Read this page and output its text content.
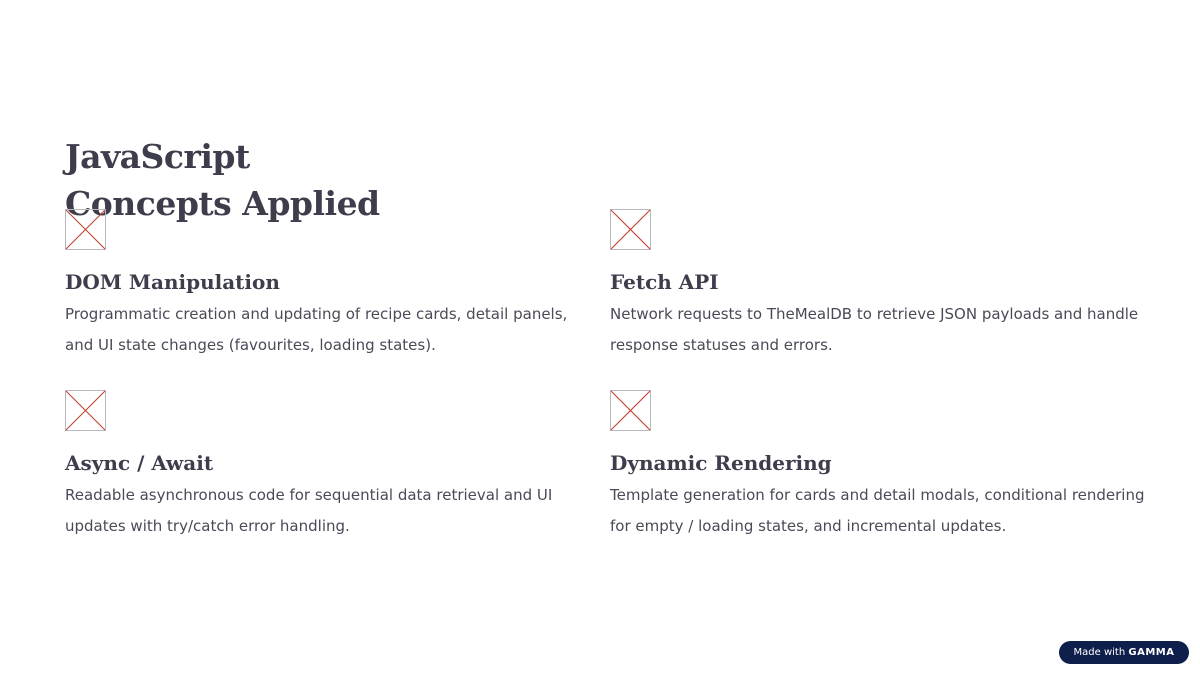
JavaScript Concepts Applied
DOM Manipulation

Programmatic creation and updating of recipe cards, detail panels, and UI state changes (favourites, loading states).

Fetch API

Network requests to TheMealDB to retrieve JSON payloads and handle response statuses and errors.

Async / Await

Readable asynchronous code for sequential data retrieval and UI updates with try/catch error handling.

Dynamic Rendering

Template generation for cards and detail modals, conditional rendering for empty / loading states, and incremental updates.

Made with GAMMA
